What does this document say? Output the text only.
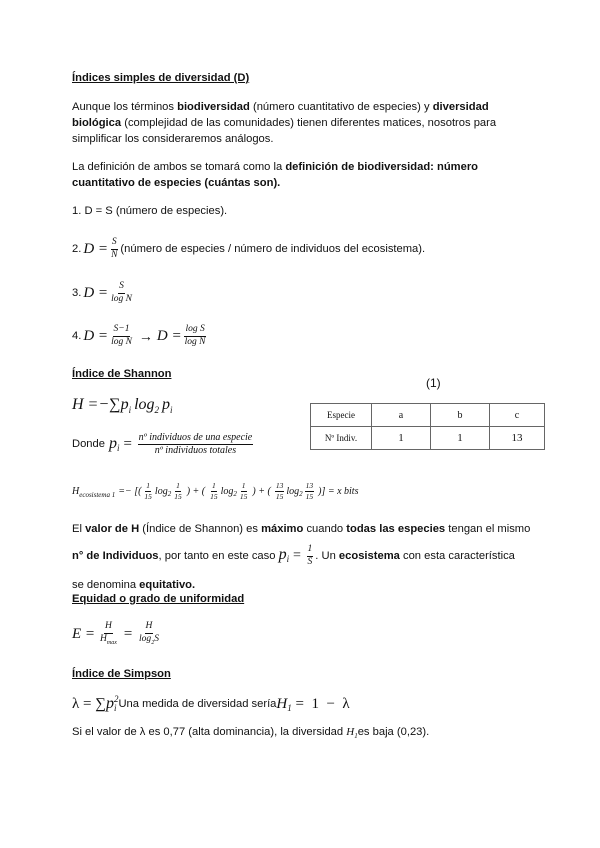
Índices simples de diversidad (D)
Aunque los términos biodiversidad (número cuantitativo de especies) y diversidad biológica (complejidad de las comunidades) tienen diferentes matices, nosotros para simplificar los consideraremos análogos.
La definición de ambos se tomará como la definición de biodiversidad: número cuantitativo de especies (cuántas son).
1. D = S (número de especies).
2. $D = \frac{S}{N}$ (número de especies / número de individuos del ecosistema).
3. $D = \frac{S}{\text{log N}}$
4. $D = \frac{S-1}{\text{log N}} \to D = \frac{\text{log S}}{\text{log N}}$
Índice de Shannon
(1)
$H =-\sum p_i$ $\log_2 p_i$	Especie	a	b	c
Nº Indiv.	1	1	13
Donde $p_i = \frac{\text{nº individuos de una especie}}{\text{nº individuos totales}}$
$H_{ecosistema 1}$ =− [( $\frac{1}{15} \log_2 \frac{1}{15}$ ) + ( $\frac{1}{15} \log_2 \frac{1}{15}$ ) + ( $\frac{13}{15} \log_2 \frac{13}{15}$ )] = x bits
El valor de H (Índice de Shannon) es máximo cuando todas las especies tengan el mismo
n° de Individuos, por tanto en este caso $p_i = \frac{1}{S}$ . Un ecosistema con esta característica
se denomina equitativo.
Equidad o grado de uniformidad
$E = \frac{H}{H_{max}} = \frac{H}{\log_2S}$
Índice de Simpson
λ = ∑ p 2
i Una medida de diversidad sería $H_1 = 1 - \lambda$
Si el valor de λ es 0,77 (alta dominancia), la diversidad $H_1es$ baja (0,23).
